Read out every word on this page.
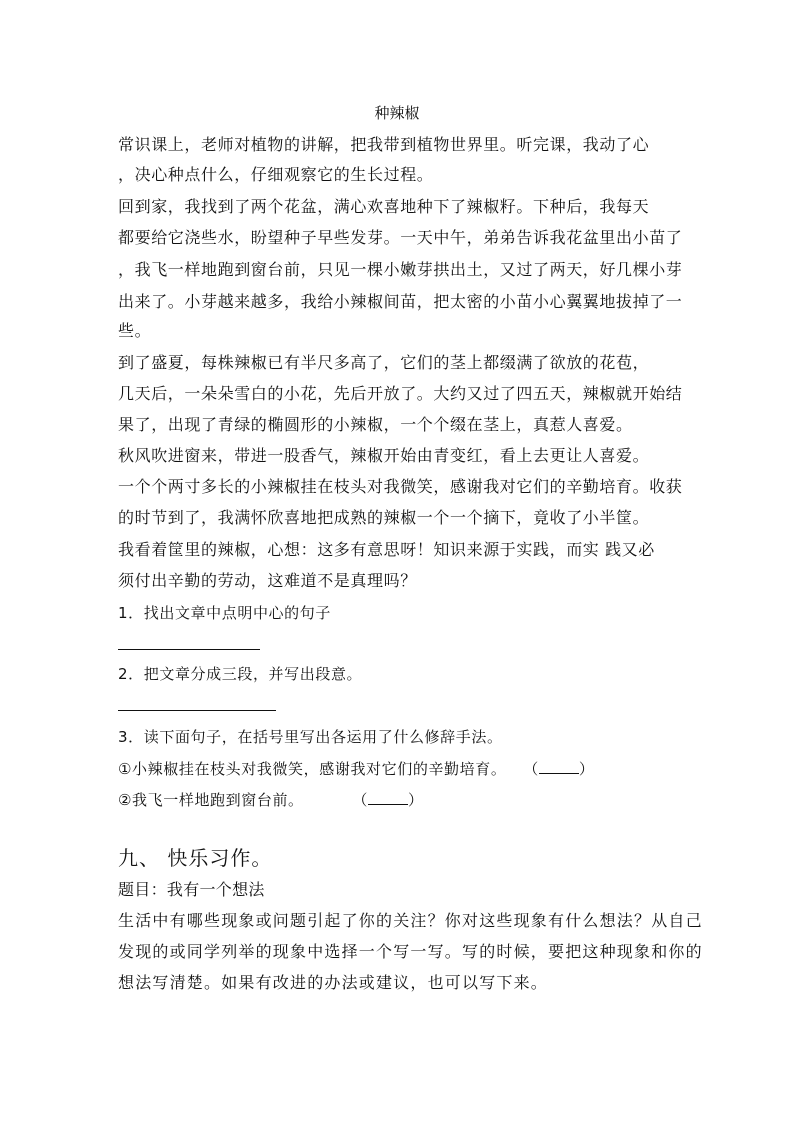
种辣椒
常识课上，老师对植物的讲解，把我带到植物世界里。听完课，我动了心
，决心种点什么，仔细观察它的生长过程。
回到家，我找到了两个花盆，满心欢喜地种下了辣椒籽。下种后，我每天
都要给它浇些水，盼望种子早些发芽。一天中午，弟弟告诉我花盆里出小苗了
，我飞一样地跑到窗台前，只见一棵小嫩芽拱出土，又过了两天，好几棵小芽
出来了。小芽越来越多，我给小辣椒间苗，把太密的小苗小心翼翼地拔掉了一
些。
到了盛夏，每株辣椒已有半尺多高了，它们的茎上都缀满了欲放的花苞，
几天后，一朵朵雪白的小花，先后开放了。大约又过了四五天，辣椒就开始结
果了，出现了青绿的椭圆形的小辣椒，一个个缀在茎上，真惹人喜爱。
秋风吹进窗来，带进一股香气，辣椒开始由青变红，看上去更让人喜爱。
一个个两寸多长的小辣椒挂在枝头对我微笑，感谢我对它们的辛勤培育。收获
的时节到了，我满怀欣喜地把成熟的辣椒一个一个摘下，竟收了小半筐。
我看着筐里的辣椒，心想：这多有意思呀！知识来源于实践，而实 践又必
须付出辛勤的劳动，这难道不是真理吗？
1．找出文章中点明中心的句子
2．把文章分成三段，并写出段意。
3．读下面句子，在括号里写出各运用了什么修辞手法。
①小辣椒挂在枝头对我微笑，感谢我对它们的辛勤培育。 （	）
②我飞一样地跑到窗台前。	（	）
九、 快乐习作。
题目：我有一个想法
生活中有哪些现象或问题引起了你的关注？你对这些现象有什么想法？从自己
发现的或同学列举的现象中选择一个写一写。写的时候，要把这种现象和你的
想法写清楚。如果有改进的办法或建议，也可以写下来。
